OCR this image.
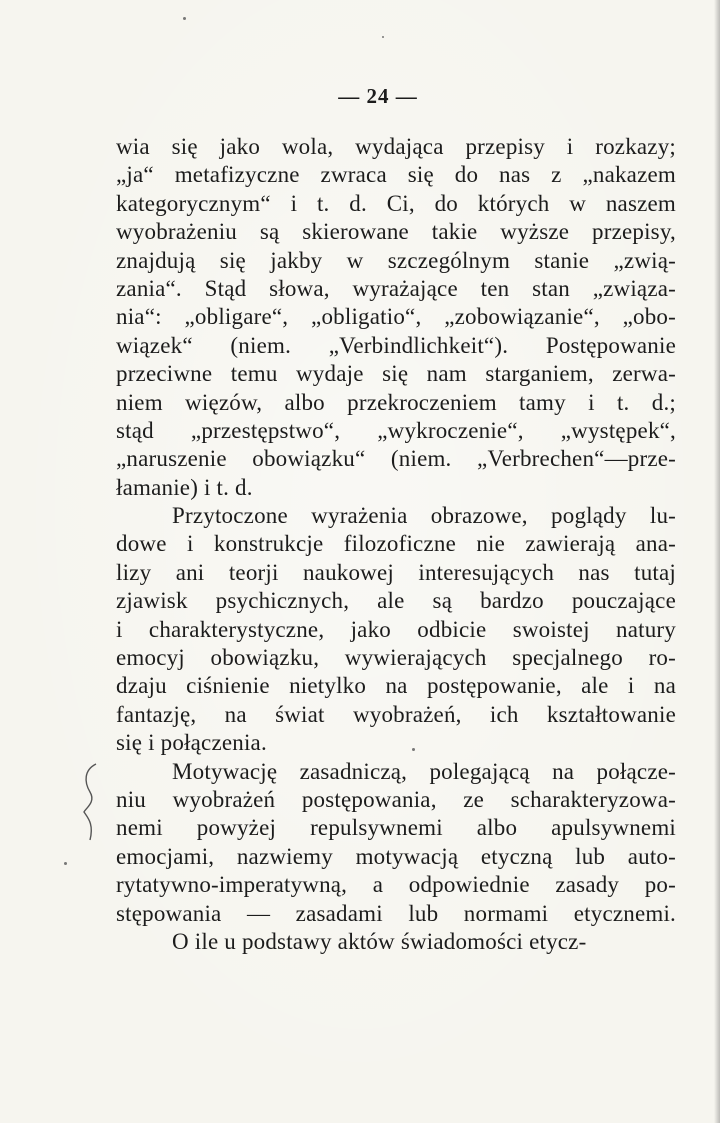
— 24 —
wia się jako wola, wydająca przepisy i rozkazy;
„ja“ metafizyczne zwraca się do nas z „nakazem
kategorycznym“ i t. d. Ci, do których w naszem
wyobrażeniu są skierowane takie wyższe przepisy,
znajdują się jakby w szczególnym stanie „zwią-
zania“. Stąd słowa, wyrażające ten stan „związa-
nia“: „obligare“, „obligatio“, „zobowiązanie“, „obo-
wiązek“ (niem. „Verbindlichkeit“). Postępowanie
przeciwne temu wydaje się nam starganiem, zerwa-
niem więzów, albo przekroczeniem tamy i t. d.;
stąd „przestępstwo“, „wykroczenie“, „występek“,
„naruszenie obowiązku“ (niem. „Verbrechen“—prze-
łamanie) i t. d.
Przytoczone wyrażenia obrazowe, poglądy lu-
dowe i konstrukcje filozoficzne nie zawierają ana-
lizy ani teorji naukowej interesujących nas tutaj
zjawisk psychicznych, ale są bardzo pouczające
i charakterystyczne, jako odbicie swoistej natury
emocyj obowiązku, wywierających specjalnego ro-
dzaju ciśnienie nietylko na postępowanie, ale i na
fantazję, na świat wyobrażeń, ich kształtowanie
się i połączenia.
Motywację zasadniczą, polegającą na połącze-
niu wyobrażeń postępowania, ze scharakteryzowa-
nemi powyżej repulsywnemi albo apulsywnemi
emocjami, nazwiemy motywacją etyczną lub auto-
rytatywno-imperatywną, a odpowiednie zasady po-
stępowania — zasadami lub normami etycznemi.
O ile u podstawy aktów świadomości etycz-
